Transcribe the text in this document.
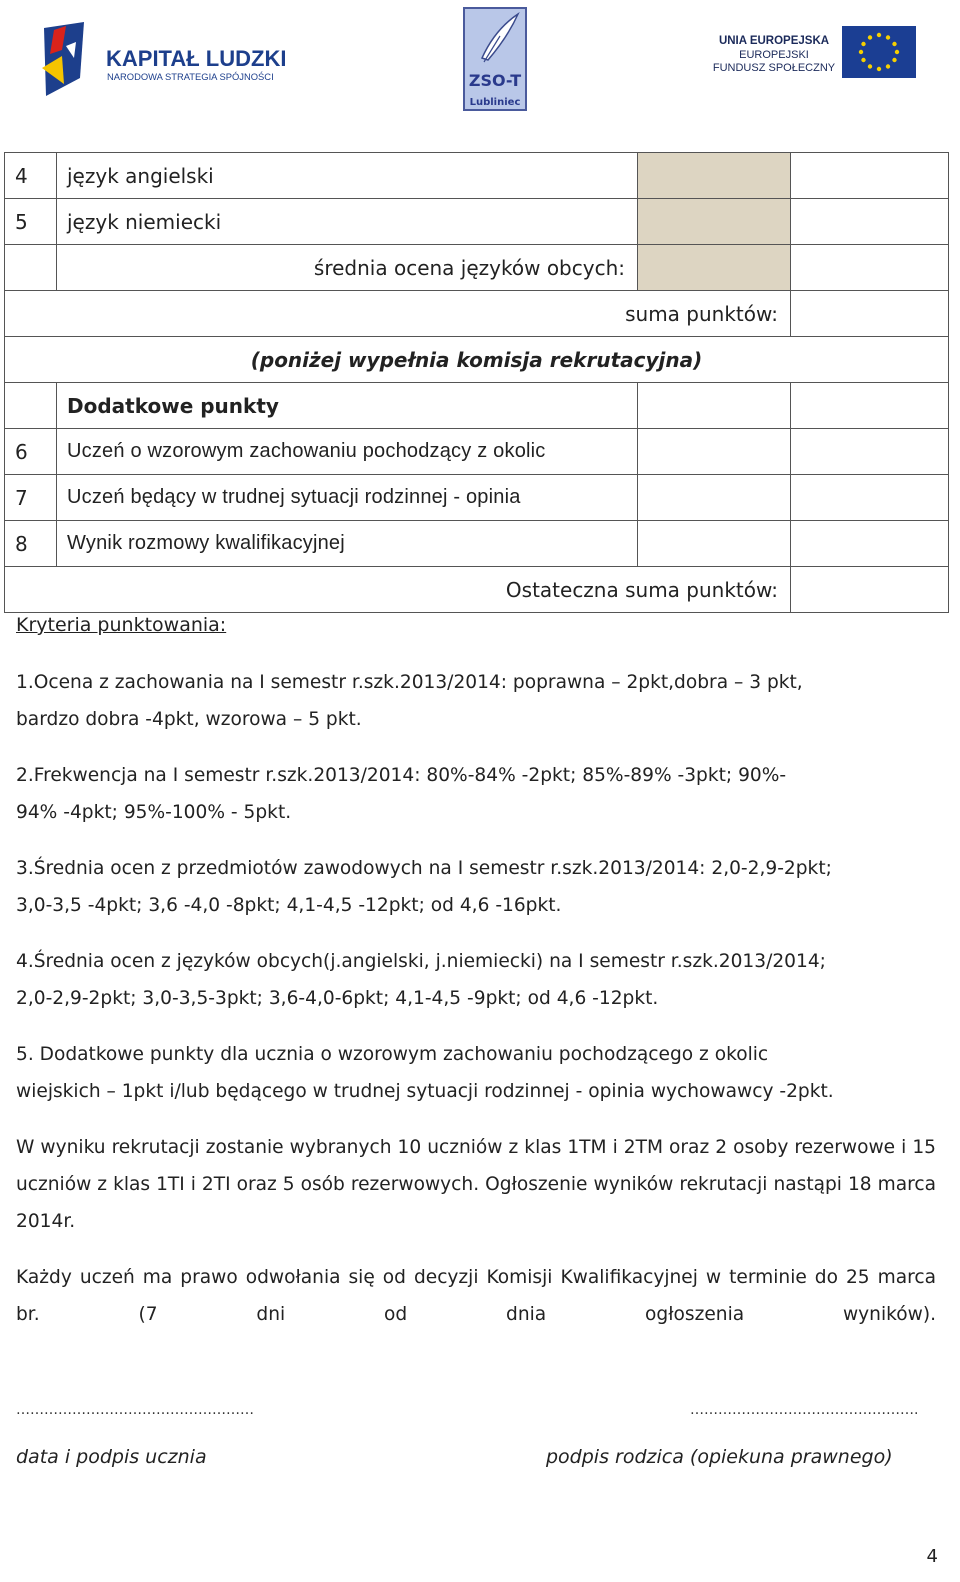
KAPITAŁ LUDZKI
NARODOWA STRATEGIA SPÓJNOŚCI	ZSO-T
Lubliniec
UNIA EUROPEJSKA
EUROPEJSKI
FUNDUSZ SPOŁECZNY
4	język angielski		
5	język niemiecki		
	średnia ocena języków obcych:		
suma punktów:			
(poniżej wypełnia komisja rekrutacyjna)			
	Dodatkowe punkty		
6	Uczeń o wzorowym zachowaniu pochodzący z okolic		
7	Uczeń będący w trudnej sytuacji rodzinnej - opinia		
8	Wynik rozmowy kwalifikacyjnej		
Ostateczna suma punktów:			
Kryteria punktowania:

1.Ocena z zachowania na I semestr r.szk.2013/2014: poprawna – 2pkt,dobra – 3 pkt,
bardzo dobra -4pkt, wzorowa – 5 pkt.

2.Frekwencja na I semestr r.szk.2013/2014: 80%-84% -2pkt; 85%-89% -3pkt; 90%-
94% -4pkt; 95%-100% - 5pkt.

3.Średnia ocen z przedmiotów zawodowych na I semestr r.szk.2013/2014: 2,0-2,9-2pkt;
3,0-3,5 -4pkt; 3,6 -4,0 -8pkt; 4,1-4,5 -12pkt; od 4,6 -16pkt.

4.Średnia ocen z języków obcych(j.angielski, j.niemiecki) na I semestr r.szk.2013/2014;
2,0-2,9-2pkt; 3,0-3,5-3pkt; 3,6-4,0-6pkt; 4,1-4,5 -9pkt; od 4,6 -12pkt.

5. Dodatkowe punkty dla ucznia o wzorowym zachowaniu pochodzącego z okolic
wiejskich – 1pkt i/lub będącego w trudnej sytuacji rodzinnej - opinia wychowawcy -2pkt.

W wyniku rekrutacji zostanie wybranych 10 uczniów z klas 1TM i 2TM oraz 2 osoby rezerwowe i 15 uczniów z klas 1TI i 2TI oraz 5 osób rezerwowych. Ogłoszenie wyników rekrutacji nastąpi 18 marca 2014r.

Każdy uczeń ma prawo odwołania się od decyzji Komisji Kwalifikacyjnej w terminie do 25 marca br. (7 dni od dnia ogłoszenia wyników).

……………………………………………	………………………………………….
data i podpis ucznia	podpis rodzica (opiekuna prawnego)
4
